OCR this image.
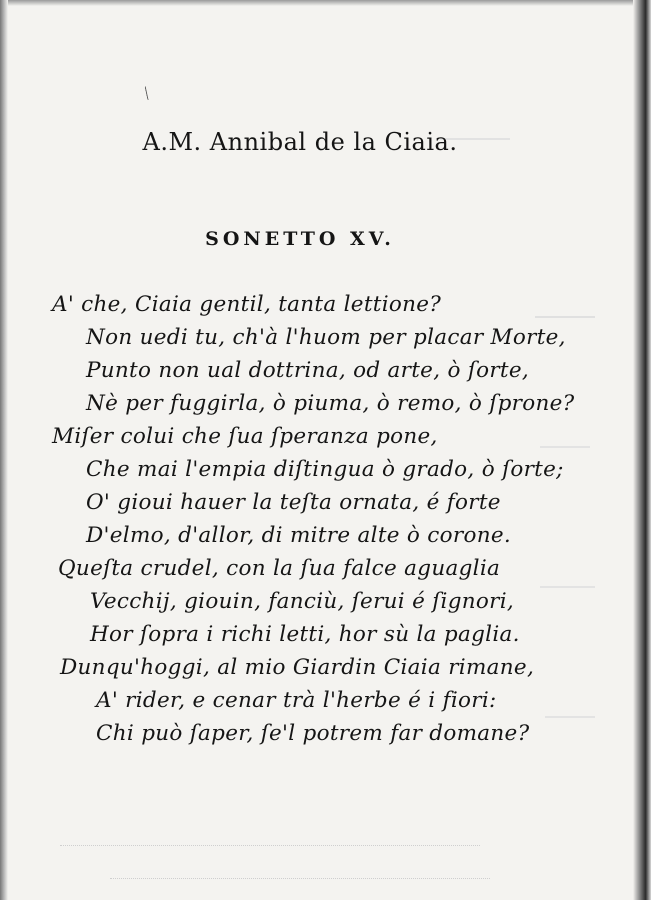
A.M. Annibal de la Ciaia.
SONETTO XV.
A' che, Ciaia gentil, tanta lettione?
Non uedi tu, ch'à l'huom per placar Morte,
Punto non ual dottrina, od arte, ò ſorte,
Nè per fuggirla, ò piuma, ò remo, ò ſprone?
Miſer colui che ſua ſperanza pone,
Che mai l'empia diſtingua ò grado, ò ſorte;
O' gioui hauer la teſta ornata, é forte
D'elmo, d'allor, di mitre alte ò corone.
Queſta crudel, con la ſua falce aguaglia
Vecchij, giouin, fanciù, ſerui é ſignori,
Hor ſopra i richi letti, hor sù la paglia.
Dunqu'hoggi, al mio Giardin Ciaia rimane,
A' rider, e cenar trà l'herbe é i fiori:
Chi può ſaper, ſe'l potrem far domane?
